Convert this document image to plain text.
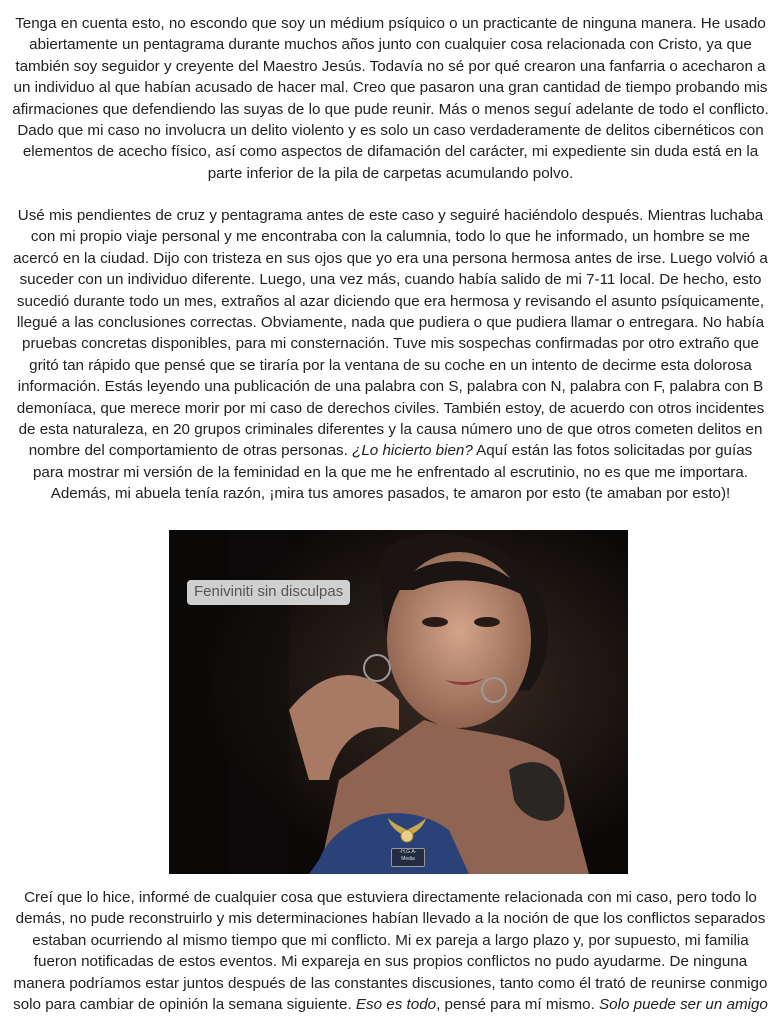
Tenga en cuenta esto, no escondo que soy un médium psíquico o un practicante de ninguna manera. He usado abiertamente un pentagrama durante muchos años junto con cualquier cosa relacionada con Cristo, ya que también soy seguidor y creyente del Maestro Jesús. Todavía no sé por qué crearon una fanfarria o acecharon a un individuo al que habían acusado de hacer mal. Creo que pasaron una gran cantidad de tiempo probando mis afirmaciones que defendiendo las suyas de lo que pude reunir. Más o menos seguí adelante de todo el conflicto. Dado que mi caso no involucra un delito violento y es solo un caso verdaderamente de delitos cibernéticos con elementos de acecho físico, así como aspectos de difamación del carácter, mi expediente sin duda está en la parte inferior de la pila de carpetas acumulando polvo.

Usé mis pendientes de cruz y pentagrama antes de este caso y seguiré haciéndolo después. Mientras luchaba con mi propio viaje personal y me encontraba con la calumnia, todo lo que he informado, un hombre se me acercó en la ciudad. Dijo con tristeza en sus ojos que yo era una persona hermosa antes de irse. Luego volvió a suceder con un individuo diferente. Luego, una vez más, cuando había salido de mi 7-11 local. De hecho, esto sucedió durante todo un mes, extraños al azar diciendo que era hermosa y revisando el asunto psíquicamente, llegué a las conclusiones correctas. Obviamente, nada que pudiera o que pudiera llamar o entregara. No había pruebas concretas disponibles, para mi consternación. Tuve mis sospechas confirmadas por otro extraño que gritó tan rápido que pensé que se tiraría por la ventana de su coche en un intento de decirme esta dolorosa información. Estás leyendo una publicación de una palabra con S, palabra con N, palabra con F, palabra con B demoníaca, que merece morir por mi caso de derechos civiles. También estoy, de acuerdo con otros incidentes de esta naturaleza, en 20 grupos criminales diferentes y la causa número uno de que otros cometen delitos en nombre del comportamiento de otras personas. ¿Lo hicierto bien? Aquí están las fotos solicitadas por guías para mostrar mi versión de la feminidad en la que me he enfrentado al escrutinio, no es que me importara. Además, mi abuela tenía razón, ¡mira tus amores pasados, te amaron por esto (te amaban por esto)!

Feniviniti sin disculpas
-H.G.A-
Media

Creí que lo hice, informé de cualquier cosa que estuviera directamente relacionada con mi caso, pero todo lo demás, no pude reconstruirlo y mis determinaciones habían llevado a la noción de que los conflictos separados estaban ocurriendo al mismo tiempo que mi conflicto. Mi ex pareja a largo plazo y, por supuesto, mi familia fueron notificadas de estos eventos. Mi expareja en sus propios conflictos no pudo ayudarme. De ninguna manera podríamos estar juntos después de las constantes discusiones, tanto como él trató de reunirse conmigo solo para cambiar de opinión la semana siguiente. Eso es todo, pensé para mí mismo. Solo puede ser un amigo
